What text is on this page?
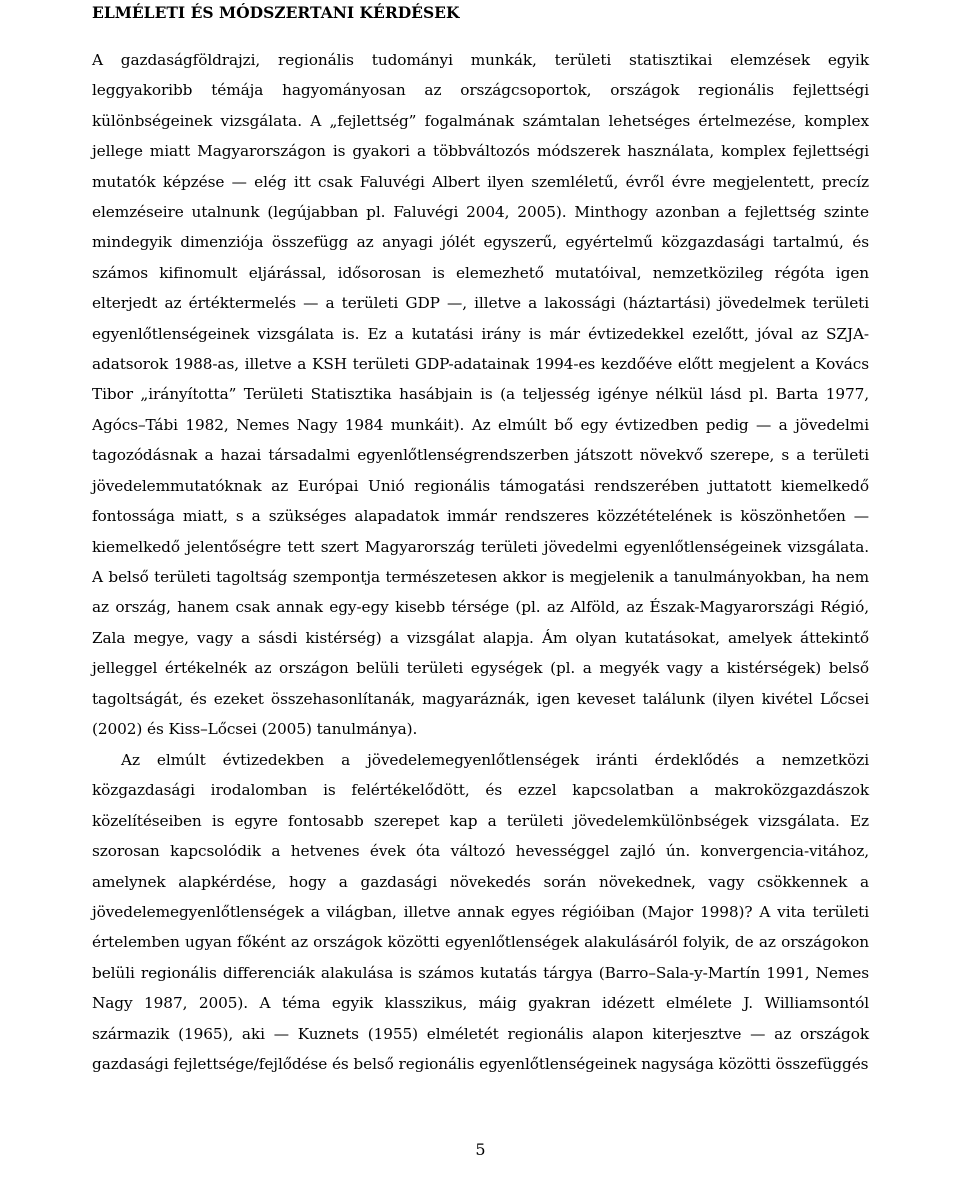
ELMÉLETI ÉS MÓDSZERTANI KÉRDÉSEK

A gazdaságföldrajzi, regionális tudományi munkák, területi statisztikai elemzések egyik leggyakoribb témája hagyományosan az országcsoportok, országok regionális fejlettségi különbségeinek vizsgálata. A „fejlettség” fogalmának számtalan lehetséges értelmezése, komplex jellege miatt Magyarországon is gyakori a többváltozós módszerek használata, komplex fejlettségi mutatók képzése — elég itt csak Faluvégi Albert ilyen szemléletű, évről évre megjelentett, precíz elemzéseire utalnunk (legújabban pl. Faluvégi 2004, 2005). Minthogy azonban a fejlettség szinte mindegyik dimenziója összefügg az anyagi jólét egyszerű, egyértelmű közgazdasági tartalmú, és számos kifinomult eljárással, idősorosan is elemezhető mutatóival, nemzetközileg régóta igen elterjedt az értéktermelés — a területi GDP —, illetve a lakossági (háztartási) jövedelmek területi egyenlőtlenségeinek vizsgálata is. Ez a kutatási irány is már évtizedekkel ezelőtt, jóval az SZJA-adatsorok 1988-as, illetve a KSH területi GDP-adatainak 1994-es kezdőéve előtt megjelent a Kovács Tibor „irányította” Területi Statisztika hasábjain is (a teljesség igénye nélkül lásd pl. Barta 1977, Agócs–Tábi 1982, Nemes Nagy 1984 munkáit). Az elmúlt bő egy évtizedben pedig — a jövedelmi tagozódásnak a hazai társadalmi egyenlőtlenségrendszerben játszott növekvő szerepe, s a területi jövedelemmutatóknak az Európai Unió regionális támogatási rendszerében juttatott kiemelkedő fontossága miatt, s a szükséges alapadatok immár rendszeres közzétételének is köszönhetően — kiemelkedő jelentőségre tett szert Magyarország területi jövedelmi egyenlőtlenségeinek vizsgálata. A belső területi tagoltság szempontja természetesen akkor is megjelenik a tanulmányokban, ha nem az ország, hanem csak annak egy-egy kisebb térsége (pl. az Alföld, az Észak-Magyarországi Régió, Zala megye, vagy a sásdi kistérség) a vizsgálat alapja. Ám olyan kutatásokat, amelyek áttekintő jelleggel értékelnék az országon belüli területi egységek (pl. a megyék vagy a kistérségek) belső tagoltságát, és ezeket összehasonlítanák, magyaráznák, igen keveset találunk (ilyen kivétel Lőcsei (2002) és Kiss–Lőcsei (2005) tanulmánya).

Az elmúlt évtizedekben a jövedelemegyenlőtlenségek iránti érdeklődés a nemzetközi közgazdasági irodalomban is felértékelődött, és ezzel kapcsolatban a makroközgazdászok közelítéseiben is egyre fontosabb szerepet kap a területi jövedelemkülönbségek vizsgálata. Ez szorosan kapcsolódik a hetvenes évek óta változó hevességgel zajló ún. konvergencia-vitához, amelynek alapkérdése, hogy a gazdasági növekedés során növekednek, vagy csökkennek a jövedelemegyenlőtlenségek a világban, illetve annak egyes régióiban (Major 1998)? A vita területi értelemben ugyan főként az országok közötti egyenlőtlenségek alakulásáról folyik, de az országokon belüli regionális differenciák alakulása is számos kutatás tárgya (Barro–Sala-y-Martín 1991, Nemes Nagy 1987, 2005). A téma egyik klasszikus, máig gyakran idézett elmélete J. Williamsontól származik (1965), aki — Kuznets (1955) elméletét regionális alapon kiterjesztve — az országok gazdasági fejlettsége/fejlődése és belső regionális egyenlőtlenségeinek nagysága közötti összefüggés

5
